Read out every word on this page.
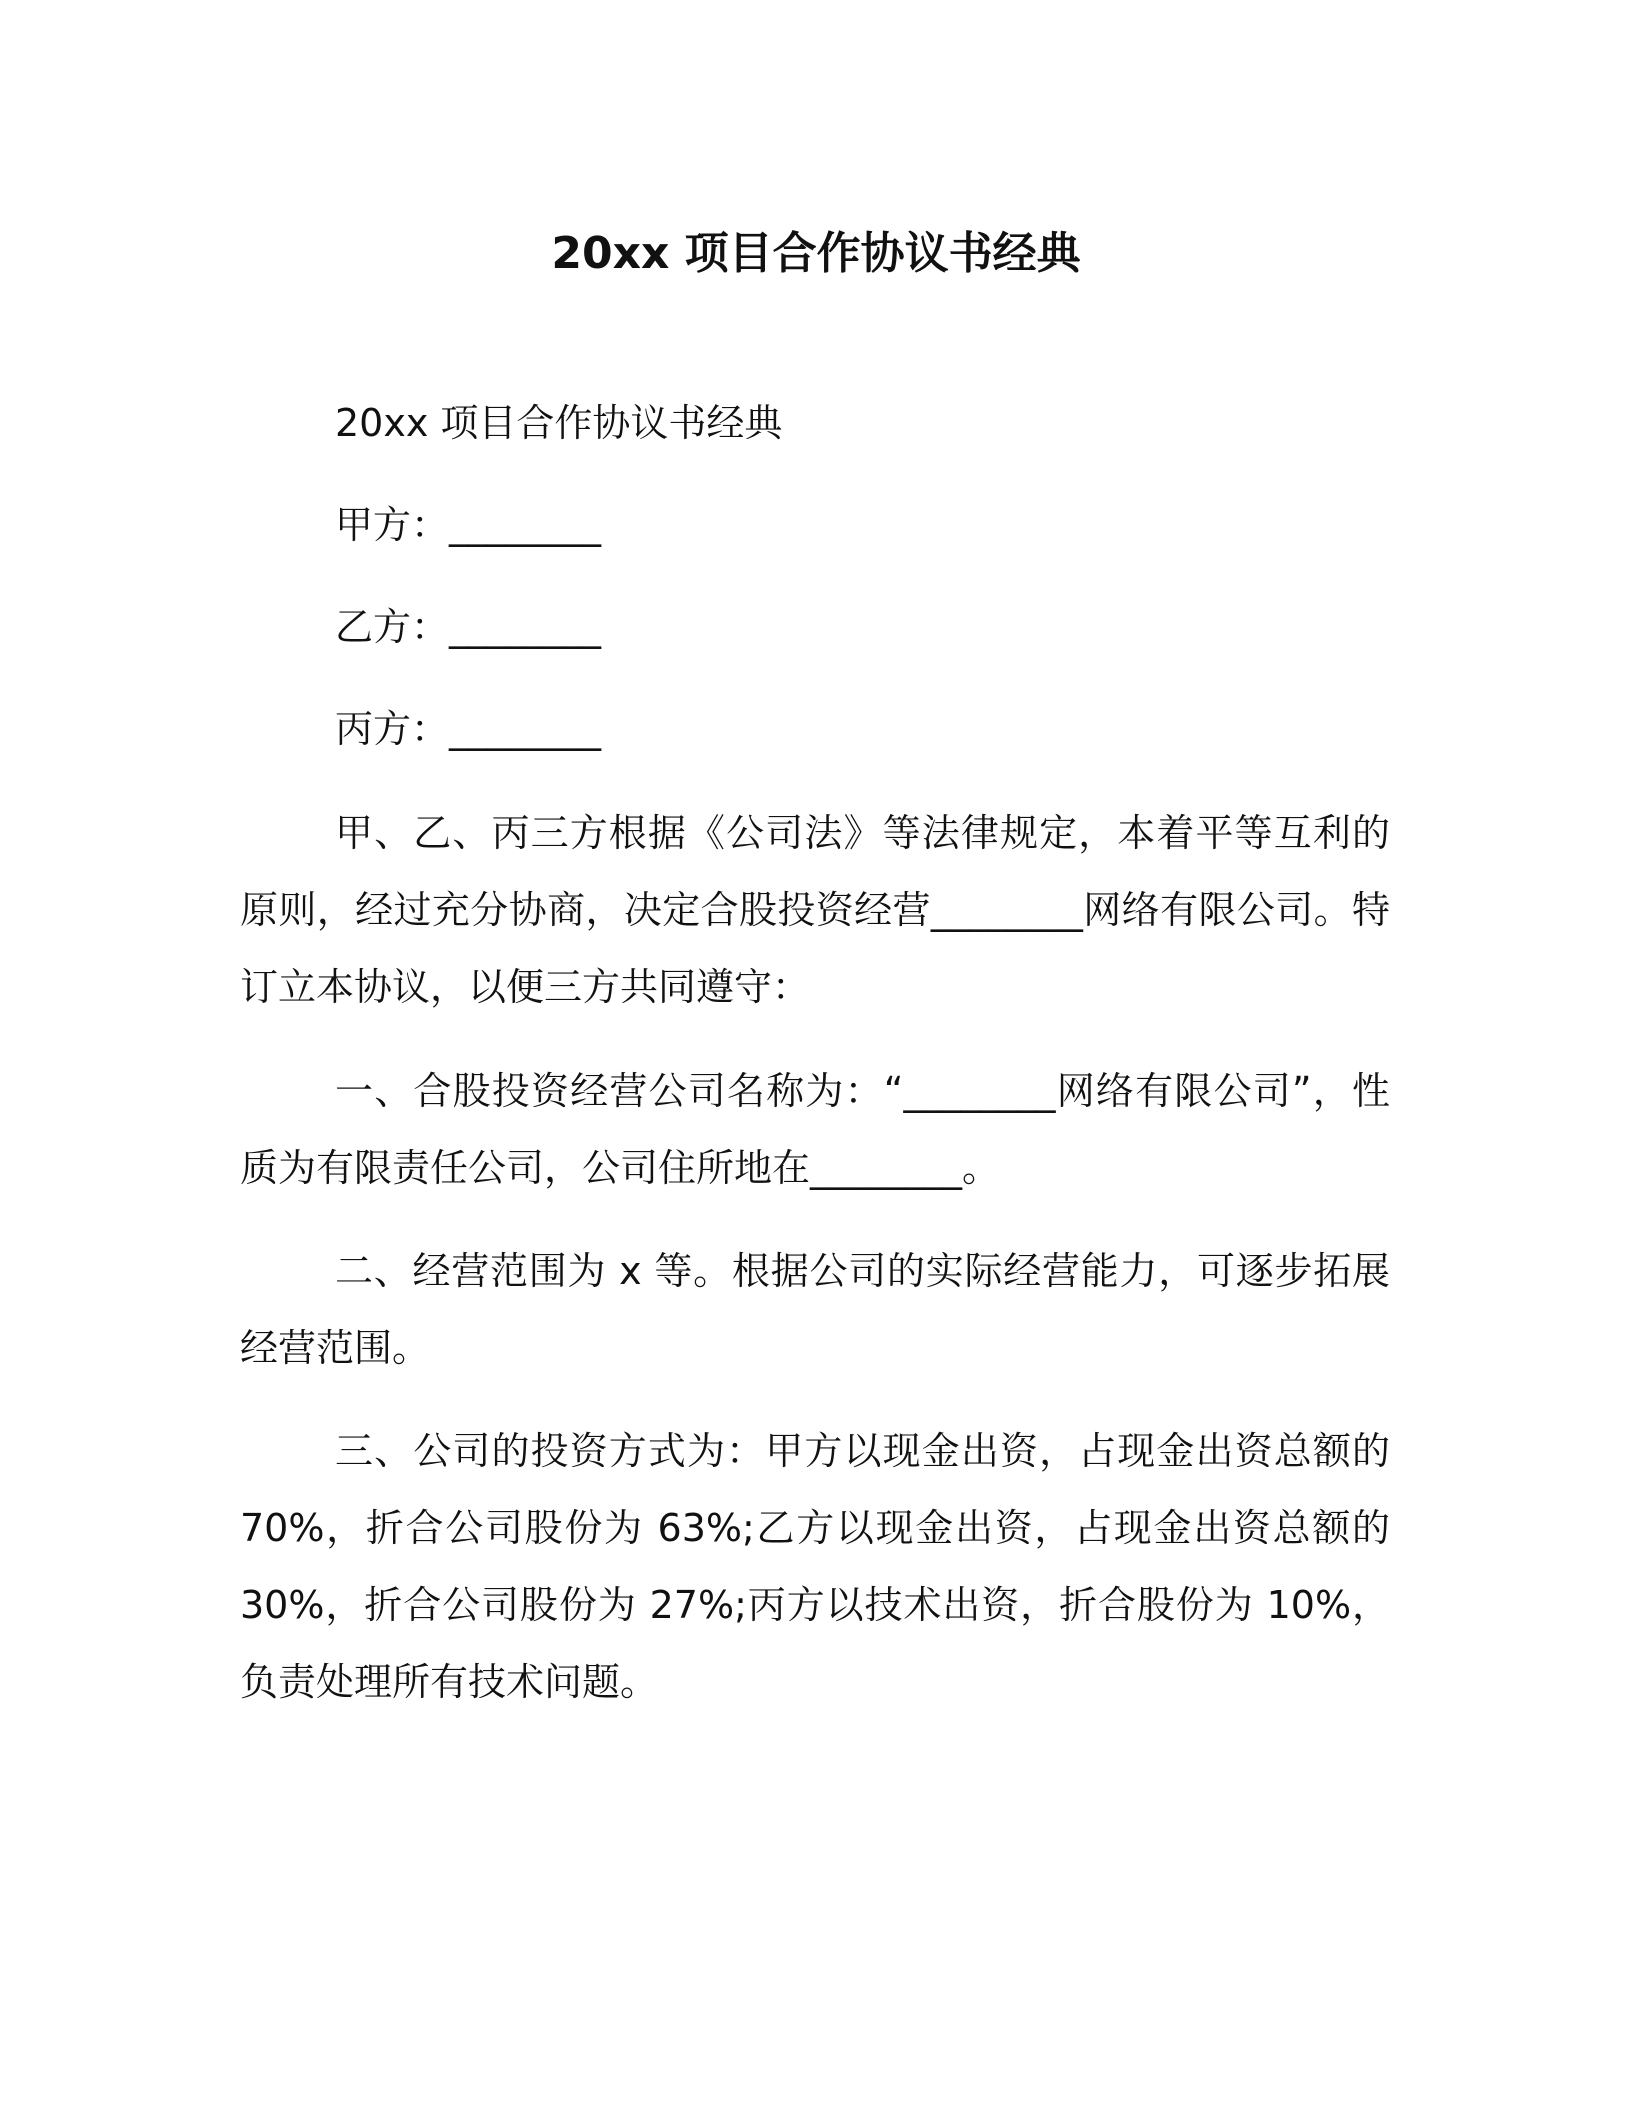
20xx 项目合作协议书经典
20xx 项目合作协议书经典
甲方：________
乙方：________
丙方：________
甲、乙、丙三方根据《公司法》等法律规定，本着平等互利的原则，经过充分协商，决定合股投资经营________网络有限公司。特订立本协议，以便三方共同遵守：
一、合股投资经营公司名称为：“________网络有限公司”，性质为有限责任公司，公司住所地在________。
二、经营范围为 x 等。根据公司的实际经营能力，可逐步拓展经营范围。
三、公司的投资方式为：甲方以现金出资，占现金出资总额的70%，折合公司股份为 63%;乙方以现金出资，占现金出资总额的30%，折合公司股份为 27%;丙方以技术出资，折合股份为 10%，负责处理所有技术问题。
